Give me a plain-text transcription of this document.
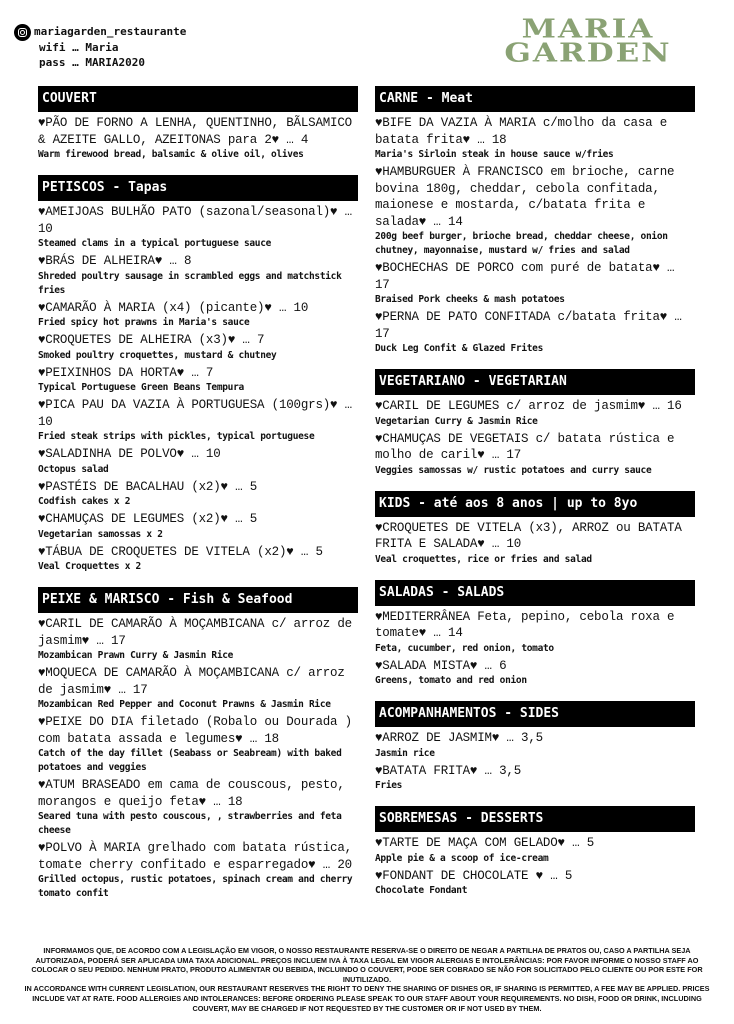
mariagarden_restaurante
wifi … Maria
pass … MARIA2020
MARIA
GARDEN
COUVERT
♥PÃO DE FORNO A LENHA, QUENTINHO, BÃLSAMICO & AZEITE GALLO, AZEITONAS para 2♥ … 4
Warm firewood bread, balsamic & olive oil, olives
PETISCOS - Tapas
♥AMEIJOAS BULHÃO PATO (sazonal/seasonal)♥ … 10
Steamed clams in a typical portuguese sauce
♥BRÁS DE ALHEIRA♥ … 8
Shreded poultry sausage in scrambled eggs and matchstick fries
♥CAMARÃO À MARIA (x4) (picante)♥ … 10
Fried spicy hot prawns in Maria's sauce
♥CROQUETES DE ALHEIRA (x3)♥ … 7
Smoked poultry croquettes, mustard & chutney
♥PEIXINHOS DA HORTA♥ … 7
Typical Portuguese Green Beans Tempura
♥PICA PAU DA VAZIA À PORTUGUESA (100grs)♥ … 10
Fried steak strips with pickles, typical portuguese
♥SALADINHA DE POLVO♥ … 10
Octopus salad
♥PASTÉIS DE BACALHAU (x2)♥ … 5
Codfish cakes x 2
♥CHAMUÇAS DE LEGUMES (x2)♥ … 5
Vegetarian samossas x 2
♥TÁBUA DE CROQUETES DE VITELA (x2)♥ … 5
Veal Croquettes x 2
PEIXE & MARISCO - Fish & Seafood
♥CARIL DE CAMARÃO À MOÇAMBICANA c/ arroz de jasmim♥ … 17
Mozambican Prawn Curry & Jasmin Rice
♥MOQUECA DE CAMARÃO À MOÇAMBICANA c/ arroz de jasmim♥ … 17
Mozambican Red Pepper and Coconut Prawns & Jasmin Rice
♥PEIXE DO DIA filetado (Robalo ou Dourada ) com batata assada e legumes♥ … 18
Catch of the day fillet (Seabass or Seabream) with baked potatoes and veggies
♥ATUM BRASEADO em cama de couscous, pesto, morangos e queijo feta♥ … 18
Seared tuna with pesto couscous, , strawberries and feta cheese
♥POLVO À MARIA grelhado com batata rústica, tomate cherry confitado e esparregado♥ … 20
Grilled octopus, rustic potatoes, spinach cream and cherry tomato confit
CARNE - Meat
♥BIFE DA VAZIA À MARIA c/molho da casa e batata frita♥ … 18
Maria's Sirloin steak in house sauce w/fries
♥HAMBURGUER À FRANCISCO em brioche, carne bovina 180g, cheddar, cebola confitada, maionese e mostarda, c/batata frita e salada♥ … 14
200g beef burger, brioche bread, cheddar cheese, onion chutney, mayonnaise, mustard w/ fries and salad
♥BOCHECHAS DE PORCO com puré de batata♥ … 17
Braised Pork cheeks & mash potatoes
♥PERNA DE PATO CONFITADA c/batata frita♥ … 17
Duck Leg Confit & Glazed Frites
VEGETARIANO - VEGETARIAN
♥CARIL DE LEGUMES c/ arroz de jasmim♥ … 16
Vegetarian Curry & Jasmin Rice
♥CHAMUÇAS DE VEGETAIS c/ batata rústica e molho de caril♥ … 17
Veggies samossas w/ rustic potatoes and curry sauce
KIDS - até aos 8 anos | up to 8yo
♥CROQUETES DE VITELA (x3), ARROZ ou BATATA FRITA E SALADA♥ … 10
Veal croquettes, rice or fries and salad
SALADAS - SALADS
♥MEDITERRÂNEA Feta, pepino, cebola roxa e tomate♥ … 14
Feta, cucumber, red onion, tomato
♥SALADA MISTA♥ … 6
Greens, tomato and red onion
ACOMPANHAMENTOS - SIDES
♥ARROZ DE JASMIM♥ … 3,5
Jasmin rice
♥BATATA FRITA♥ … 3,5
Fries
SOBREMESAS - DESSERTS
♥TARTE DE MAÇA COM GELADO♥ … 5
Apple pie & a scoop of ice-cream
♥FONDANT DE CHOCOLATE ♥ … 5
Chocolate Fondant
INFORMAMOS QUE, DE ACORDO COM A LEGISLAÇÃO EM VIGOR, O NOSSO RESTAURANTE RESERVA-SE O DIREITO DE NEGAR A PARTILHA DE PRATOS OU, CASO A PARTILHA SEJA AUTORIZADA, PODERÁ SER APLICADA UMA TAXA ADICIONAL. PREÇOS INCLUEM IVA À TAXA LEGAL EM VIGOR ALERGIAS E INTOLERÂNCIAS: POR FAVOR INFORME O NOSSO STAFF AO COLOCAR O SEU PEDIDO. NENHUM PRATO, PRODUTO ALIMENTAR OU BEBIDA, INCLUINDO O COUVERT, PODE SER COBRADO SE NÃO FOR SOLICITADO PELO CLIENTE OU POR ESTE FOR INUTILIZADO.
IN ACCORDANCE WITH CURRENT LEGISLATION, OUR RESTAURANT RESERVES THE RIGHT TO DENY THE SHARING OF DISHES OR, IF SHARING IS PERMITTED, A FEE MAY BE APPLIED. PRICES INCLUDE VAT AT RATE. FOOD ALLERGIES AND INTOLERANCES: BEFORE ORDERING PLEASE SPEAK TO OUR STAFF ABOUT YOUR REQUIREMENTS. NO DISH, FOOD OR DRINK, INCLUDING COUVERT, MAY BE CHARGED IF NOT REQUESTED BY THE CUSTOMER OR IF NOT USED BY THEM.
